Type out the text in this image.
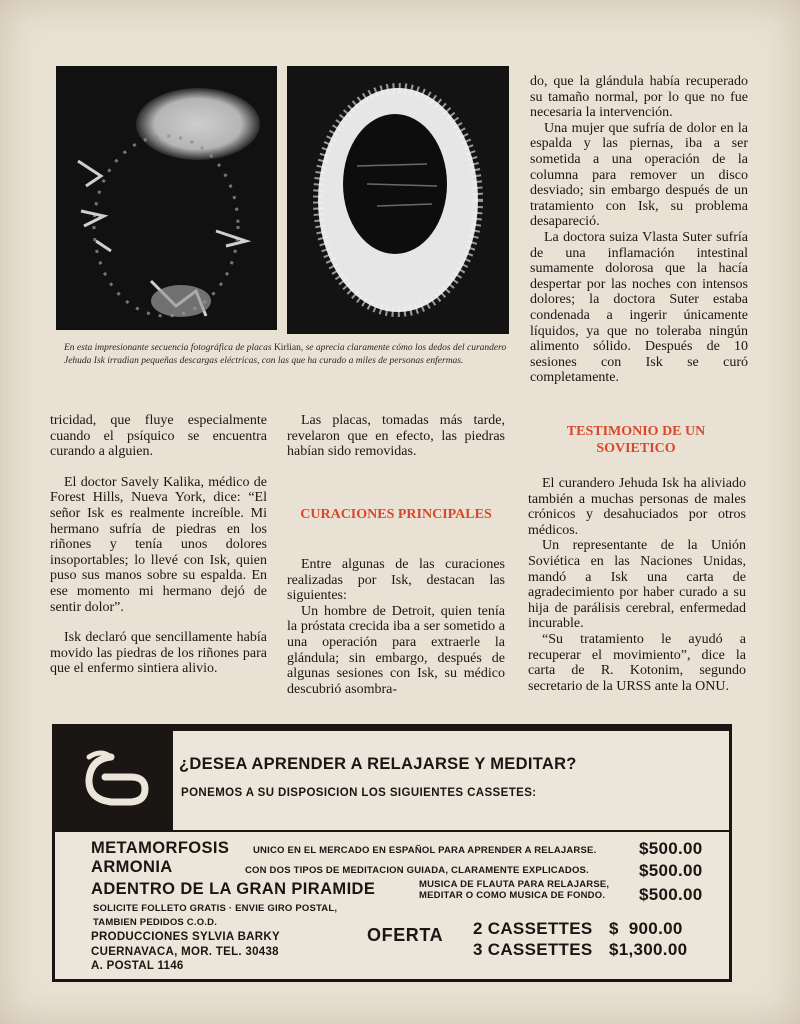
En esta impresionante secuencia fotográfica de placas Kirlian, se aprecia claramente cómo los dedos del curandero Jehuda Isk irradian pequeñas descargas eléctricas, con las que ha curado a miles de personas enfermas.

do, que la glándula había recuperado su tamaño normal, por lo que no fue necesaria la intervención.

Una mujer que sufría de dolor en la espalda y las piernas, iba a ser sometida a una operación de la columna para remover un disco desviado; sin embargo después de un tratamiento con Isk, su problema desapareció.

La doctora suiza Vlasta Suter sufría de una inflamación intestinal sumamente dolorosa que la hacía despertar por las noches con intensos dolores; la doctora Suter estaba condenada a ingerir únicamente líquidos, ya que no toleraba ningún alimento sólido. Después de 10 sesiones con Isk se curó completamente.

tricidad, que fluye especialmente cuando el psíquico se encuentra curando a alguien.

El doctor Savely Kalika, médico de Forest Hills, Nueva York, dice: “El señor Isk es realmente increíble. Mi hermano sufría de piedras en los riñones y tenía unos dolores insoportables; lo llevé con Isk, quien puso sus manos sobre su espalda. En ese momento mi hermano dejó de sentir dolor”.

Isk declaró que sencillamente había movido las piedras de los riñones para que el enfermo sintiera alivio.

Las placas, tomadas más tarde, revelaron que en efecto, las piedras habían sido removidas.

CURACIONES PRINCIPALES

Entre algunas de las curaciones realizadas por Isk, destacan las siguientes:

Un hombre de Detroit, quien tenía la próstata crecida iba a ser sometido a una operación para extraerle la glándula; sin embargo, después de algunas sesiones con Isk, su médico descubrió asombra-

TESTIMONIO DE UN
SOVIETICO

El curandero Jehuda Isk ha aliviado también a muchas personas de males crónicos y desahuciados por otros médicos.

Un representante de la Unión Soviética en las Naciones Unidas, mandó a Isk una carta de agradecimiento por haber curado a su hija de parálisis cerebral, enfermedad incurable.

“Su tratamiento le ayudó a recuperar el movimiento”, dice la carta de R. Kotonim, segundo secretario de la URSS ante la ONU.

¿DESEA APRENDER A RELAJARSE Y MEDITAR?
PONEMOS A SU DISPOSICION LOS SIGUIENTES CASSETES:
METAMORFOSIS UNICO EN EL MERCADO EN ESPAÑOL PARA APRENDER A RELAJARSE.	$500.00
ARMONIA	CON DOS TIPOS DE MEDITACION GUIADA, CLARAMENTE EXPLICADOS.	$500.00
ADENTRO DE LA GRAN PIRAMIDE	MUSICA DE FLAUTA PARA RELAJARSE,
MEDITAR O COMO MUSICA DE FONDO. $500.00
SOLICITE FOLLETO GRATIS · ENVIE GIRO POSTAL,
TAMBIEN PEDIDOS C.O.D.
PRODUCCIONES SYLVIA BARKY
CUERNAVACA, MOR. TEL. 30438
A. POSTAL 1146
OFERTA 2 CASSETTES $  900.00
3 CASSETTES $1,300.00
